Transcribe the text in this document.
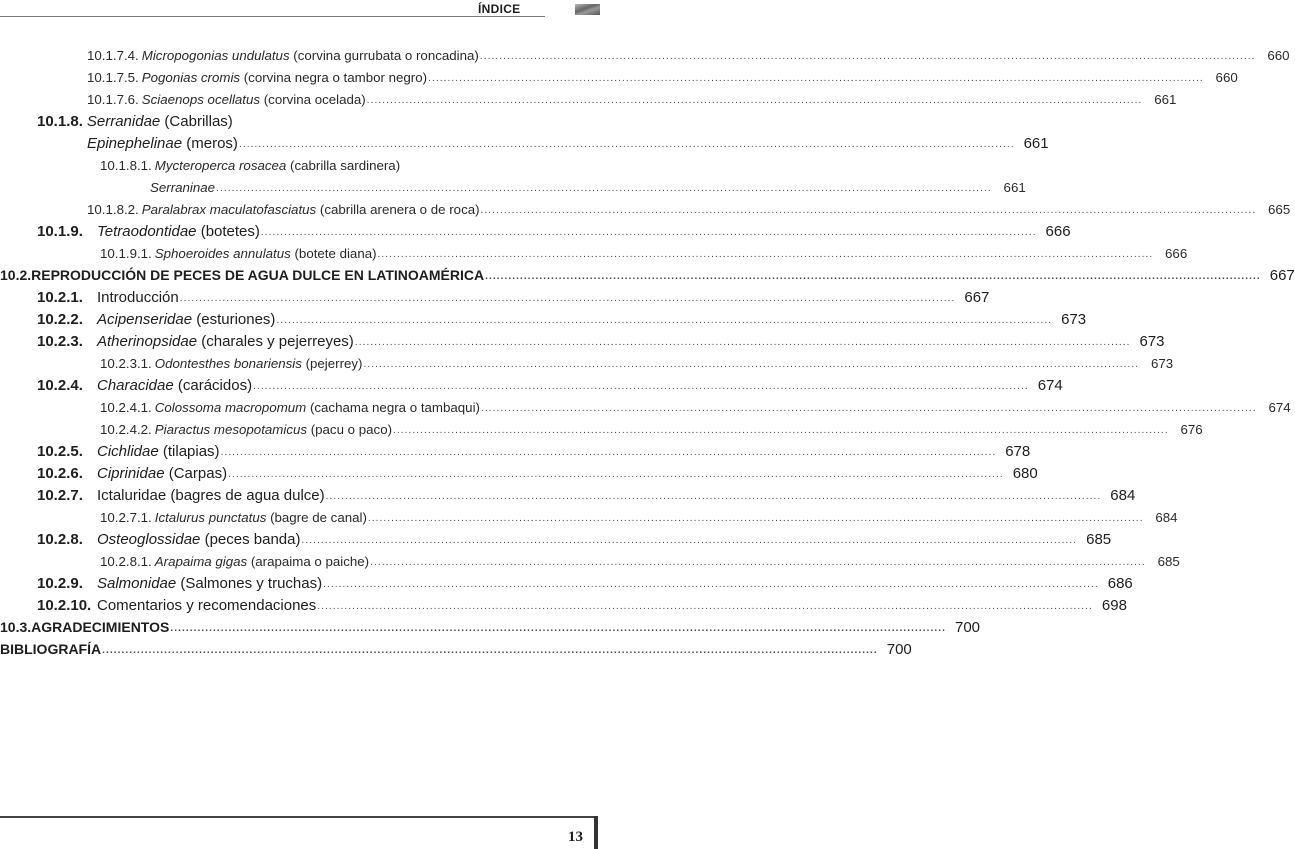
ÍNDICE
10.1.7.4. Micropogonias undulatus (corvina gurrubata o roncadina) ........................................................................................................................................................................................................ 660
10.1.7.5. Pogonias cromis (corvina negra o tambor negro) ........................................................................................................................................................................................................ 660
10.1.7.6. Sciaenops ocellatus (corvina ocelada) ........................................................................................................................................................................................................ 661
10.1.8. Serranidae (Cabrillas)
Epinephelinae (meros) ........................................................................................................................................................................................................ 661
10.1.8.1. Mycteroperca rosacea (cabrilla sardinera)
Serraninae ........................................................................................................................................................................................................ 661
10.1.8.2. Paralabrax maculatofasciatus (cabrilla arenera o de roca) ........................................................................................................................................................................................................ 665
10.1.9. Tetraodontidae (botetes) ........................................................................................................................................................................................................ 666
10.1.9.1. Sphoeroides annulatus (botete diana) ........................................................................................................................................................................................................ 666
10.2. REPRODUCCIÓN DE PECES DE AGUA DULCE EN LATINOAMÉRICA ........................................................................................................................................................................................................ 667
10.2.1. Introducción ........................................................................................................................................................................................................ 667
10.2.2. Acipenseridae (esturiones) ........................................................................................................................................................................................................ 673
10.2.3. Atherinopsidae (charales y pejerreyes) ........................................................................................................................................................................................................ 673
10.2.3.1. Odontesthes bonariensis (pejerrey) ........................................................................................................................................................................................................ 673
10.2.4. Characidae (carácidos) ........................................................................................................................................................................................................ 674
10.2.4.1. Colossoma macropomum (cachama negra o tambaqui) ........................................................................................................................................................................................................ 674
10.2.4.2. Piaractus mesopotamicus (pacu o paco) ........................................................................................................................................................................................................ 676
10.2.5. Cichlidae (tilapias) ........................................................................................................................................................................................................ 678
10.2.6. Ciprinidae (Carpas) ........................................................................................................................................................................................................ 680
10.2.7. Ictaluridae (bagres de agua dulce) ........................................................................................................................................................................................................ 684
10.2.7.1. Ictalurus punctatus (bagre de canal) ........................................................................................................................................................................................................ 684
10.2.8. Osteoglossidae (peces banda) ........................................................................................................................................................................................................ 685
10.2.8.1. Arapaima gigas (arapaima o paiche) ........................................................................................................................................................................................................ 685
10.2.9. Salmonidae (Salmones y truchas) ........................................................................................................................................................................................................ 686
10.2.10. Comentarios y recomendaciones ........................................................................................................................................................................................................ 698
10.3. AGRADECIMIENTOS ........................................................................................................................................................................................................ 700
BIBLIOGRAFÍA ........................................................................................................................................................................................................ 700
13
